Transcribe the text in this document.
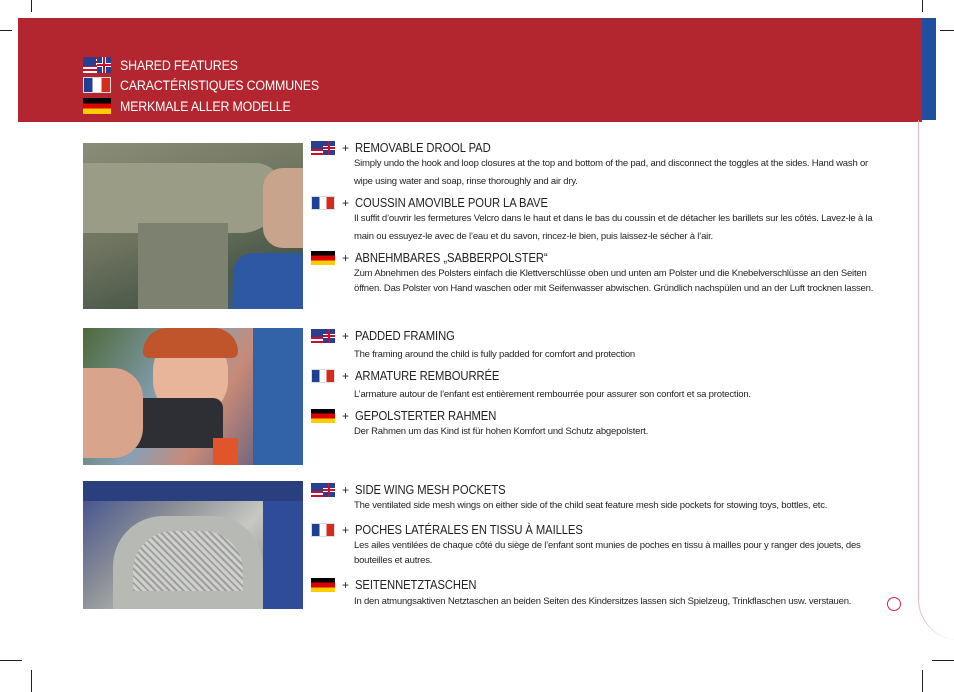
SHARED FEATURES
CARACTÉRISTIQUES COMMUNES
MERKMALE ALLER MODELLE
+ REMOVABLE DROOL PAD
Simply undo the hook and loop closures at the top and bottom of the pad, and disconnect the toggles at the sides. Hand wash or wipe using water and soap, rinse thoroughly and air dry.
+ COUSSIN AMOVIBLE POUR LA BAVE
Il suffit d’ouvrir les fermetures Velcro dans le haut et dans le bas du coussin et de détacher les barillets sur les côtés. Lavez-le à la main ou essuyez-le avec de l’eau et du savon, rincez-le bien, puis laissez-le sécher à l’air.
+ ABNEHMBARES „SABBERPOLSTER“
Zum Abnehmen des Polsters einfach die Klettverschlüsse oben und unten am Polster und die Knebelverschlüsse an den Seiten öffnen. Das Polster von Hand waschen oder mit Seifenwasser abwischen. Gründlich nachspülen und an der Luft trocknen lassen.
+ PADDED FRAMING
The framing around the child is fully padded for comfort and protection
+ ARMATURE REMBOURRÉE
L’armature autour de l’enfant est entièrement rembourrée pour assurer son confort et sa protection.
+ GEPOLSTERTER RAHMEN
Der Rahmen um das Kind ist für hohen Komfort und Schutz abgepolstert.
+ SIDE WING MESH POCKETS
The ventilated side mesh wings on either side of the child seat feature mesh side pockets for stowing toys, bottles, etc.
+ POCHES LATÉRALES EN TISSU À MAILLES
Les ailes ventilées de chaque côté du siège de l’enfant sont munies de poches en tissu à mailles pour y ranger des jouets, des bouteilles et autres.
+ SEITENNETZTASCHEN
In den atmungsaktiven Netztaschen an beiden Seiten des Kindersitzes lassen sich Spielzeug, Trinkflaschen usw. verstauen.
